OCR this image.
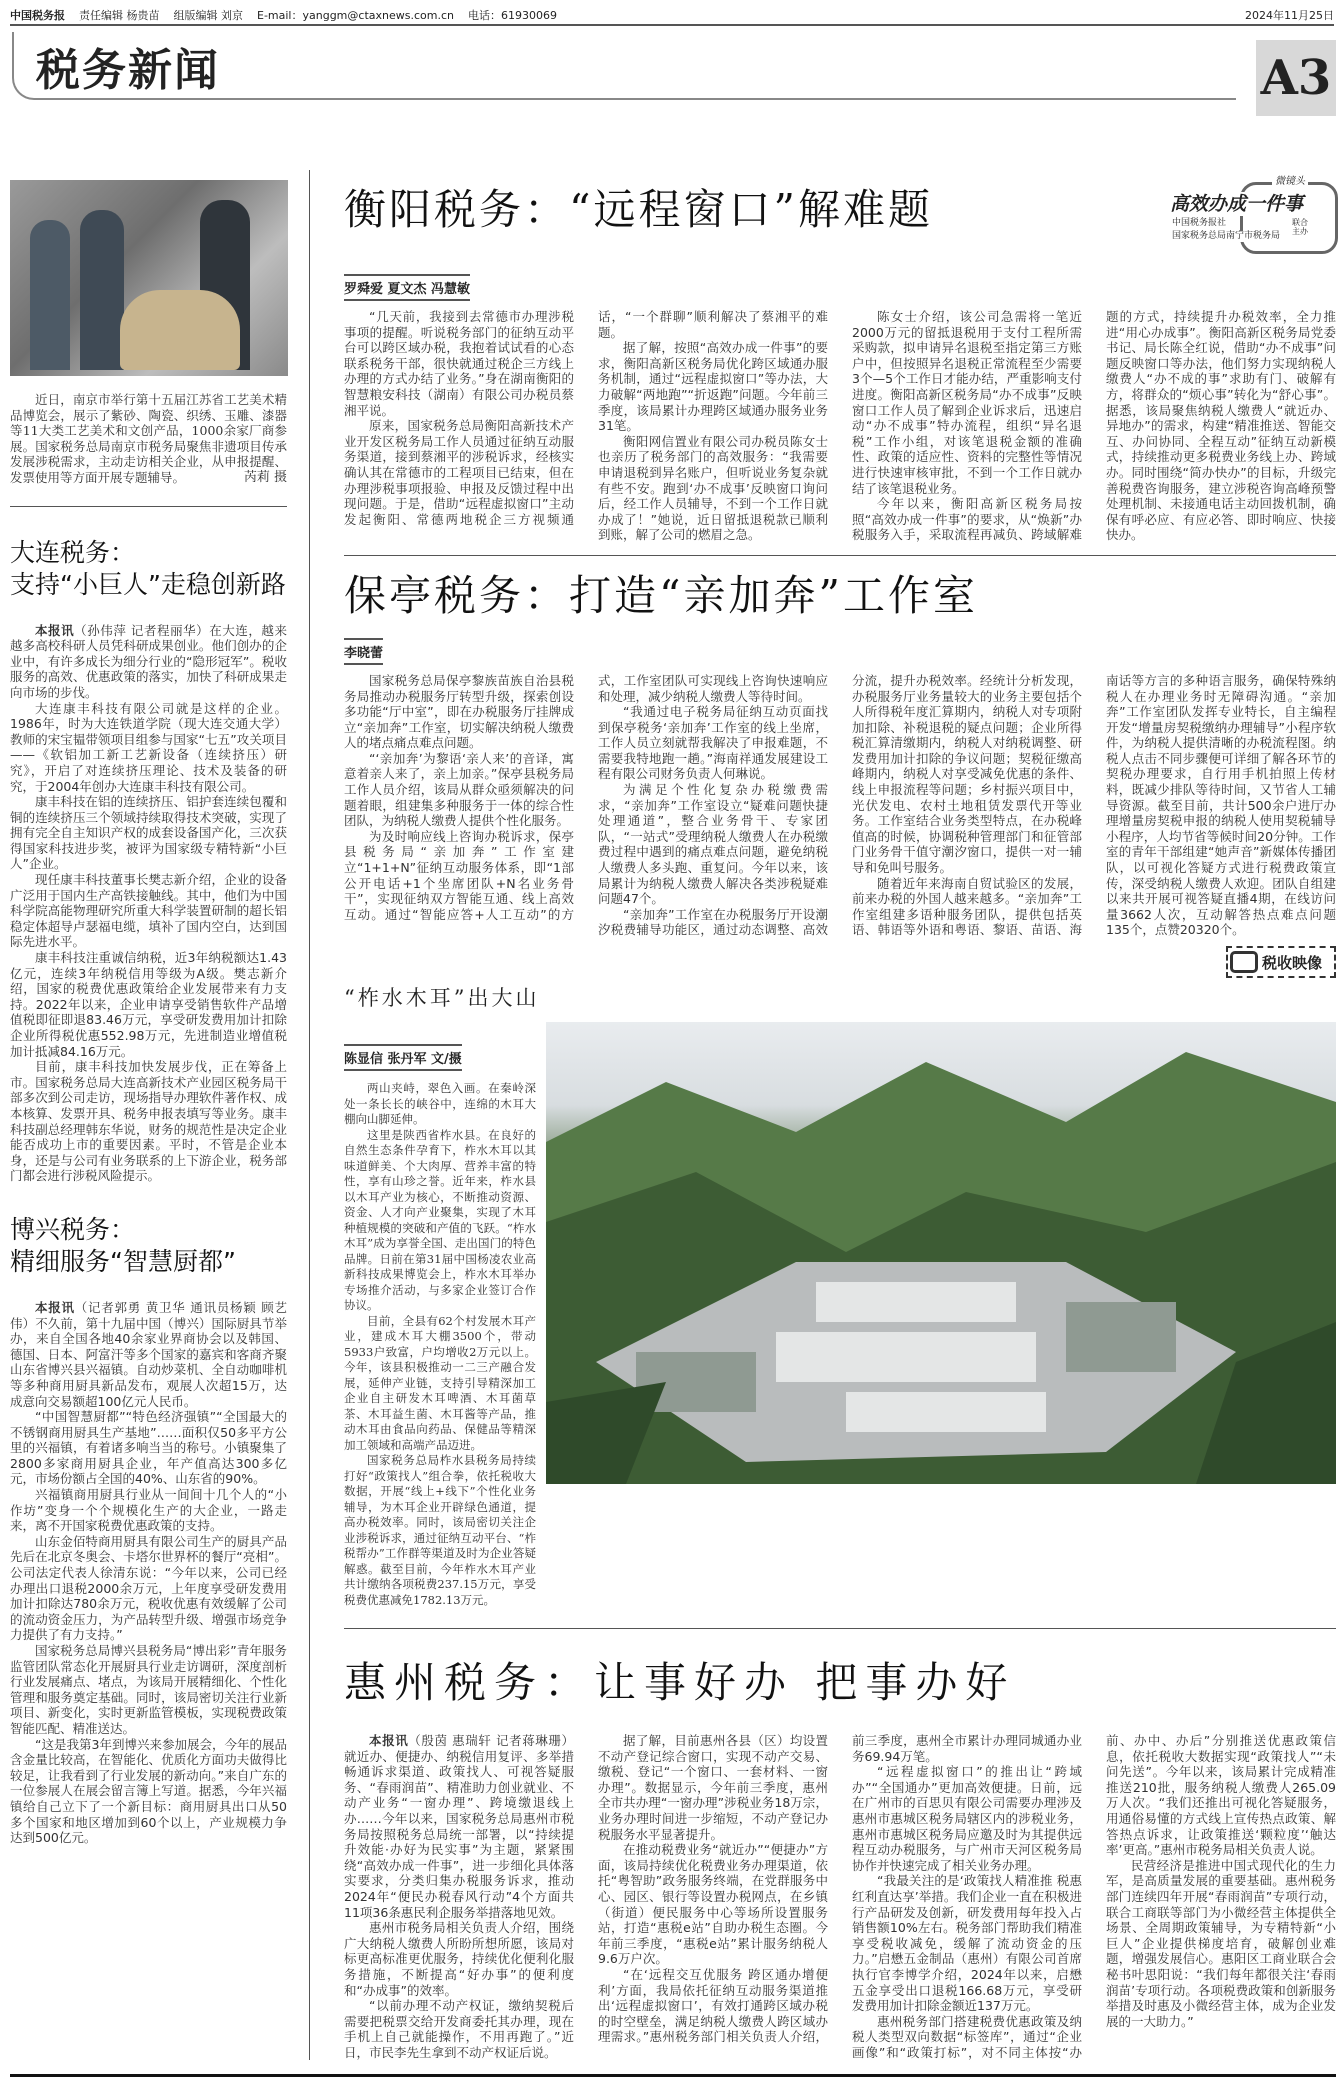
中国税务报 责任编辑 杨贵苗 组版编辑 刘京 E-mail：yanggm@ctaxnews.com.cn 电话：61930069	2024年11月25日
税务新闻	A3

近日，南京市举行第十五届江苏省工艺美术精品博览会，展示了紫砂、陶瓷、织绣、玉雕、漆器等11大类工艺美术和文创产品，1000余家厂商参展。国家税务总局南京市税务局聚焦非遗项目传承发展涉税需求，主动走访相关企业，从申报提醒、发票使用等方面开展专题辅导。	芮莉 摄

大连税务：
支持“小巨人”走稳创新路

本报讯（孙伟萍 记者程丽华）在大连，越来越多高校科研人员凭科研成果创业。他们创办的企业中，有许多成长为细分行业的“隐形冠军”。税收服务的高效、优惠政策的落实，加快了科研成果走向市场的步伐。

大连康丰科技有限公司就是这样的企业。1986年，时为大连铁道学院（现大连交通大学）教师的宋宝韫带领项目组参与国家“七五”攻关项目——《软铝加工新工艺新设备（连续挤压）研究》，开启了对连续挤压理论、技术及装备的研究，于2004年创办大连康丰科技有限公司。

康丰科技在铝的连续挤压、铝护套连续包覆和铜的连续挤压三个领域持续取得技术突破，实现了拥有完全自主知识产权的成套设备国产化，三次获得国家科技进步奖，被评为国家级专精特新“小巨人”企业。

现任康丰科技董事长樊志新介绍，企业的设备广泛用于国内生产高铁接触线。其中，他们为中国科学院高能物理研究所重大科学装置研制的超长铝稳定体超导卢瑟福电缆，填补了国内空白，达到国际先进水平。

康丰科技注重诚信纳税，近3年纳税额达1.43亿元，连续3年纳税信用等级为A级。樊志新介绍，国家的税费优惠政策给企业发展带来有力支持。2022年以来，企业申请享受销售软件产品增值税即征即退83.46万元，享受研发费用加计扣除企业所得税优惠552.98万元，先进制造业增值税加计抵减84.16万元。

目前，康丰科技加快发展步伐，正在筹备上市。国家税务总局大连高新技术产业园区税务局干部多次到公司走访，现场指导办理软件著作权、成本核算、发票开具、税务申报表填写等业务。康丰科技副总经理韩东华说，财务的规范性是决定企业能否成功上市的重要因素。平时，不管是企业本身，还是与公司有业务联系的上下游企业，税务部门都会进行涉税风险提示。

博兴税务：
精细服务“智慧厨都”

本报讯（记者郭勇 黄卫华 通讯员杨颖 顾艺伟）不久前，第十九届中国（博兴）国际厨具节举办，来自全国各地40余家业界商协会以及韩国、德国、日本、阿富汗等多个国家的嘉宾和客商齐聚山东省博兴县兴福镇。自动炒菜机、全自动咖啡机等多种商用厨具新品发布，观展人次超15万，达成意向交易额超100亿元人民币。

“中国智慧厨都”“特色经济强镇”“全国最大的不锈钢商用厨具生产基地”……面积仅50多平方公里的兴福镇，有着诸多响当当的称号。小镇聚集了2800多家商用厨具企业，年产值高达300多亿元，市场份额占全国的40%、山东省的90%。

兴福镇商用厨具行业从一间间十几个人的“小作坊”变身一个个规模化生产的大企业，一路走来，离不开国家税费优惠政策的支持。

山东金佰特商用厨具有限公司生产的厨具产品先后在北京冬奥会、卡塔尔世界杯的餐厅“亮相”。公司法定代表人徐清东说：“今年以来，公司已经办理出口退税2000余万元，上年度享受研发费用加计扣除达780余万元，税收优惠有效缓解了公司的流动资金压力，为产品转型升级、增强市场竞争力提供了有力支持。”

国家税务总局博兴县税务局“博出彩”青年服务监管团队常态化开展厨具行业走访调研，深度剖析行业发展痛点、堵点，为该局开展精细化、个性化管理和服务奠定基础。同时，该局密切关注行业新项目、新变化，实时更新监管模板，实现税费政策智能匹配、精准送达。

“这是我第3年到博兴来参加展会，今年的展品含金量比较高，在智能化、优质化方面功夫做得比较足，让我看到了行业发展的新动向。”来自广东的一位参展人在展会留言簿上写道。据悉，今年兴福镇给自己立下了一个新目标：商用厨具出口从50多个国家和地区增加到60个以上，产业规模力争达到500亿元。

衡阳税务：“远程窗口”解难题
微镜头
高效办成一件事
中国税务报社
国家税务总局南宁市税务局
联合主办
罗舜爱 夏文杰 冯慧敏

“几天前，我接到去常德市办理涉税事项的提醒。听说税务部门的征纳互动平台可以跨区域办税，我抱着试试看的心态联系税务干部，很快就通过税企三方线上办理的方式办结了业务。”身在湖南衡阳的智慧粮安科技（湖南）有限公司办税员蔡湘平说。

原来，国家税务总局衡阳高新技术产业开发区税务局工作人员通过征纳互动服务渠道，接到蔡湘平的涉税诉求，经核实确认其在常德市的工程项目已结束，但在办理涉税事项报验、申报及反馈过程中出现问题。于是，借助“远程虚拟窗口”主动发起衡阳、常德两地税企三方视频通话，“一个群聊”顺利解决了蔡湘平的难题。

据了解，按照“高效办成一件事”的要求，衡阳高新区税务局优化跨区域通办服务机制，通过“远程虚拟窗口”等办法，大力破解“两地跑”“折返跑”问题。今年前三季度，该局累计办理跨区域通办服务业务31笔。

衡阳网信置业有限公司办税员陈女士也亲历了税务部门的高效服务：“我需要申请退税到异名账户，但听说业务复杂就有些不安。跑到‘办不成事’反映窗口询问后，经工作人员辅导，不到一个工作日就办成了！”她说，近日留抵退税款已顺利到账，解了公司的燃眉之急。

陈女士介绍，该公司急需将一笔近2000万元的留抵退税用于支付工程所需采购款，拟申请异名退税至指定第三方账户中，但按照异名退税正常流程至少需要3个—5个工作日才能办结，严重影响支付进度。衡阳高新区税务局“办不成事”反映窗口工作人员了解到企业诉求后，迅速启动“办不成事”特办流程，组织“异名退税”工作小组，对该笔退税金额的准确性、政策的适应性、资料的完整性等情况进行快速审核审批，不到一个工作日就办结了该笔退税业务。

今年以来，衡阳高新区税务局按照“高效办成一件事”的要求，从“焕新”办税服务入手，采取流程再减负、跨域解难题的方式，持续提升办税效率，全力推进“用心办成事”。衡阳高新区税务局党委书记、局长陈全红说，借助“办不成事”问题反映窗口等办法，他们努力实现纳税人缴费人“办不成的事”求助有门、破解有方，将群众的“烦心事”转化为“舒心事”。据悉，该局聚焦纳税人缴费人“就近办、异地办”的需求，构建“精准推送、智能交互、办问协同、全程互动”征纳互动新模式，持续推动更多税费业务线上办、跨域办。同时围绕“简办快办”的目标，升级完善税费咨询服务，建立涉税咨询高峰预警处理机制、未接通电话主动回拨机制，确保有呼必应、有应必答、即时响应、快接快办。

保亭税务：打造“亲加奔”工作室
李晓蕾

国家税务总局保亭黎族苗族自治县税务局推动办税服务厅转型升级，探索创设多功能“厅中室”，即在办税服务厅挂牌成立“亲加奔”工作室，切实解决纳税人缴费人的堵点痛点难点问题。

“‘亲加奔’为黎语‘亲人来’的音译，寓意着亲人来了，亲上加亲。”保亭县税务局工作人员介绍，该局从群众亟须解决的问题着眼，组建集多种服务于一体的综合性团队，为纳税人缴费人提供个性化服务。

为及时响应线上咨询办税诉求，保亭县税务局“亲加奔”工作室建立“1+1+N”征纳互动服务体系，即“1部公开电话+1个坐席团队+N名业务骨干”，实现征纳双方智能互通、线上高效互动。通过“智能应答+人工互动”的方式，工作室团队可实现线上咨询快速响应和处理，减少纳税人缴费人等待时间。

“我通过电子税务局征纳互动页面找到保亭税务‘亲加奔’工作室的线上坐席，工作人员立刻就帮我解决了申报难题，不需要我特地跑一趟。”海南祥通发展建设工程有限公司财务负责人何琳说。

为满足个性化复杂办税缴费需求，“亲加奔”工作室设立“疑难问题快捷处理通道”，整合业务骨干、专家团队，“一站式”受理纳税人缴费人在办税缴费过程中遇到的痛点难点问题，避免纳税人缴费人多头跑、重复问。今年以来，该局累计为纳税人缴费人解决各类涉税疑难问题47个。

“亲加奔”工作室在办税服务厅开设潮汐税费辅导功能区，通过动态调整、高效分流，提升办税效率。经统计分析发现，办税服务厅业务量较大的业务主要包括个人所得税年度汇算期内，纳税人对专项附加扣除、补税退税的疑点问题；企业所得税汇算清缴期内，纳税人对纳税调整、研发费用加计扣除的争议问题；契税征缴高峰期内，纳税人对享受减免优惠的条件、线上申报流程等问题；乡村振兴项目中，光伏发电、农村土地租赁发票代开等业务。工作室结合业务类型特点，在办税峰值高的时候，协调税种管理部门和征管部门业务骨干值守潮汐窗口，提供一对一辅导和免叫号服务。

随着近年来海南自贸试验区的发展，前来办税的外国人越来越多。“亲加奔”工作室组建多语种服务团队，提供包括英语、韩语等外语和粤语、黎语、苗语、海南话等方言的多种语言服务，确保特殊纳税人在办理业务时无障碍沟通。“亲加奔”工作室团队发挥专业特长，自主编程开发“增量房契税缴纳办理辅导”小程序软件，为纳税人提供清晰的办税流程图。纳税人点击不同步骤便可详细了解各环节的契税办理要求，自行用手机拍照上传材料，既减少排队等待时间，又节省人工辅导资源。截至目前，共计500余户进厅办理增量房契税申报的纳税人使用契税辅导小程序，人均节省等候时间20分钟。工作室的青年干部组建“她声音”新媒体传播团队，以可视化答疑方式进行税费政策宣传，深受纳税人缴费人欢迎。团队自组建以来共开展可视答疑直播4期，在线访问量3662人次，互动解答热点难点问题135个，点赞20320个。

税收映像
“柞水木耳”出大山
陈显信 张丹军 文/摄

两山夹峙，翠色入画。在秦岭深处一条长长的峡谷中，连绵的木耳大棚向山脚延伸。

这里是陕西省柞水县。在良好的自然生态条件孕育下，柞水木耳以其味道鲜美、个大肉厚、营养丰富的特性，享有山珍之誉。近年来，柞水县以木耳产业为核心，不断推动资源、资金、人才向产业聚集，实现了木耳种植规模的突破和产值的飞跃。“柞水木耳”成为享誉全国、走出国门的特色品牌。日前在第31届中国杨凌农业高新科技成果博览会上，柞水木耳举办专场推介活动，与多家企业签订合作协议。

目前，全县有62个村发展木耳产业，建成木耳大棚3500个，带动5933户致富，户均增收2万元以上。今年，该县积极推动一二三产融合发展，延伸产业链，支持引导精深加工企业自主研发木耳啤酒、木耳菌草茶、木耳益生菌、木耳酱等产品，推动木耳由食品向药品、保健品等精深加工领域和高端产品迈进。

国家税务总局柞水县税务局持续打好“政策找人”组合拳，依托税收大数据，开展“线上+线下”个性化业务辅导，为木耳企业开辟绿色通道，提高办税效率。同时，该局密切关注企业涉税诉求，通过征纳互动平台、“柞税帮办”工作群等渠道及时为企业答疑解惑。截至目前，今年柞水木耳产业共计缴纳各项税费237.15万元，享受税费优惠减免1782.13万元。

惠州税务：让事好办 把事办好

本报讯（殷茵 惠瑞轩 记者蒋琳珊）就近办、便捷办、纳税信用复评、多举措畅通诉求渠道、政策找人、可视答疑服务、“春雨润苗”、精准助力创业就业、不动产业务“一窗办理”、跨境缴退线上办……今年以来，国家税务总局惠州市税务局按照税务总局统一部署，以“持续提升效能·办好为民实事”为主题，紧紧围绕“高效办成一件事”，进一步细化具体落实要求，分类归集办税服务诉求，推动2024年“便民办税春风行动”4个方面共11项36条惠民利企服务举措落地见效。

惠州市税务局相关负责人介绍，围绕广大纳税人缴费人所盼所想所愿，该局对标更高标准更优服务，持续优化便利化服务措施，不断提高“好办事”的便利度和“办成事”的效率。

“以前办理不动产权证，缴纳契税后需要把税票交给开发商委托其办理，现在手机上自己就能操作，不用再跑了。”近日，市民李先生拿到不动产权证后说。

据了解，目前惠州各县（区）均设置不动产登记综合窗口，实现不动产交易、缴税、登记“一个窗口、一套材料、一窗办理”。数据显示，今年前三季度，惠州全市共办理“一窗办理”涉税业务18万宗，业务办理时间进一步缩短，不动产登记办税服务水平显著提升。

在推动税费业务“就近办”“便捷办”方面，该局持续优化税费业务办理渠道，依托“粤智助”政务服务终端，在党群服务中心、园区、银行等设置办税网点，在乡镇（街道）便民服务中心等场所设置服务站，打造“惠税e站”自助办税生态圈。今年前三季度，“惠税e站”累计服务纳税人9.6万户次。

“在‘远程交互优服务 跨区通办增便利’方面，我局依托征纳互动服务渠道推出‘远程虚拟窗口’，有效打通跨区域办税的时空壁垒，满足纳税人缴费人跨区域办理需求。”惠州税务部门相关负责人介绍，前三季度，惠州全市累计办理同城通办业务69.94万笔。

“远程虚拟窗口”的推出让“跨域办”“全国通办”更加高效便捷。日前，远在广州市的百思贝有限公司需要办理涉及惠州市惠城区税务局辖区内的涉税业务，惠州市惠城区税务局应邀及时为其提供远程互动办税服务，与广州市天河区税务局协作并快速完成了相关业务办理。

“我最关注的是‘政策找人精准推 税惠红利直达享’举措。我们企业一直在积极进行产品研发及创新，研发费用每年投入占销售额10%左右。税务部门帮助我们精准享受税收减免，缓解了流动资金的压力。”启懋五金制品（惠州）有限公司首席执行官李博学介绍，2024年以来，启懋五金享受出口退税166.68万元，享受研发费用加计扣除金额近137万元。

惠州税务部门搭建税费优惠政策及纳税人类型双向数据“标签库”，通过“企业画像”和“政策打标”，对不同主体按“办前、办中、办后”分别推送优惠政策信息，依托税收大数据实现“政策找人”“未问先送”。今年以来，该局累计完成精准推送210批，服务纳税人缴费人265.09万人次。“我们还推出可视化答疑服务，用通俗易懂的方式线上宣传热点政策、解答热点诉求，让政策推送‘颗粒度’‘触达率’更高。”惠州市税务局相关负责人说。

民营经济是推进中国式现代化的生力军，是高质量发展的重要基础。惠州税务部门连续四年开展“春雨润苗”专项行动，联合工商联等部门为小微经营主体提供全场景、全周期政策辅导，为专精特新“小巨人”企业提供梯度培育，破解创业难题，增强发展信心。惠阳区工商业联合会秘书叶思阳说：“我们每年都很关注‘春雨润苗’专项行动。各项税费政策和创新服务举措及时惠及小微经营主体，成为企业发展的一大助力。”
